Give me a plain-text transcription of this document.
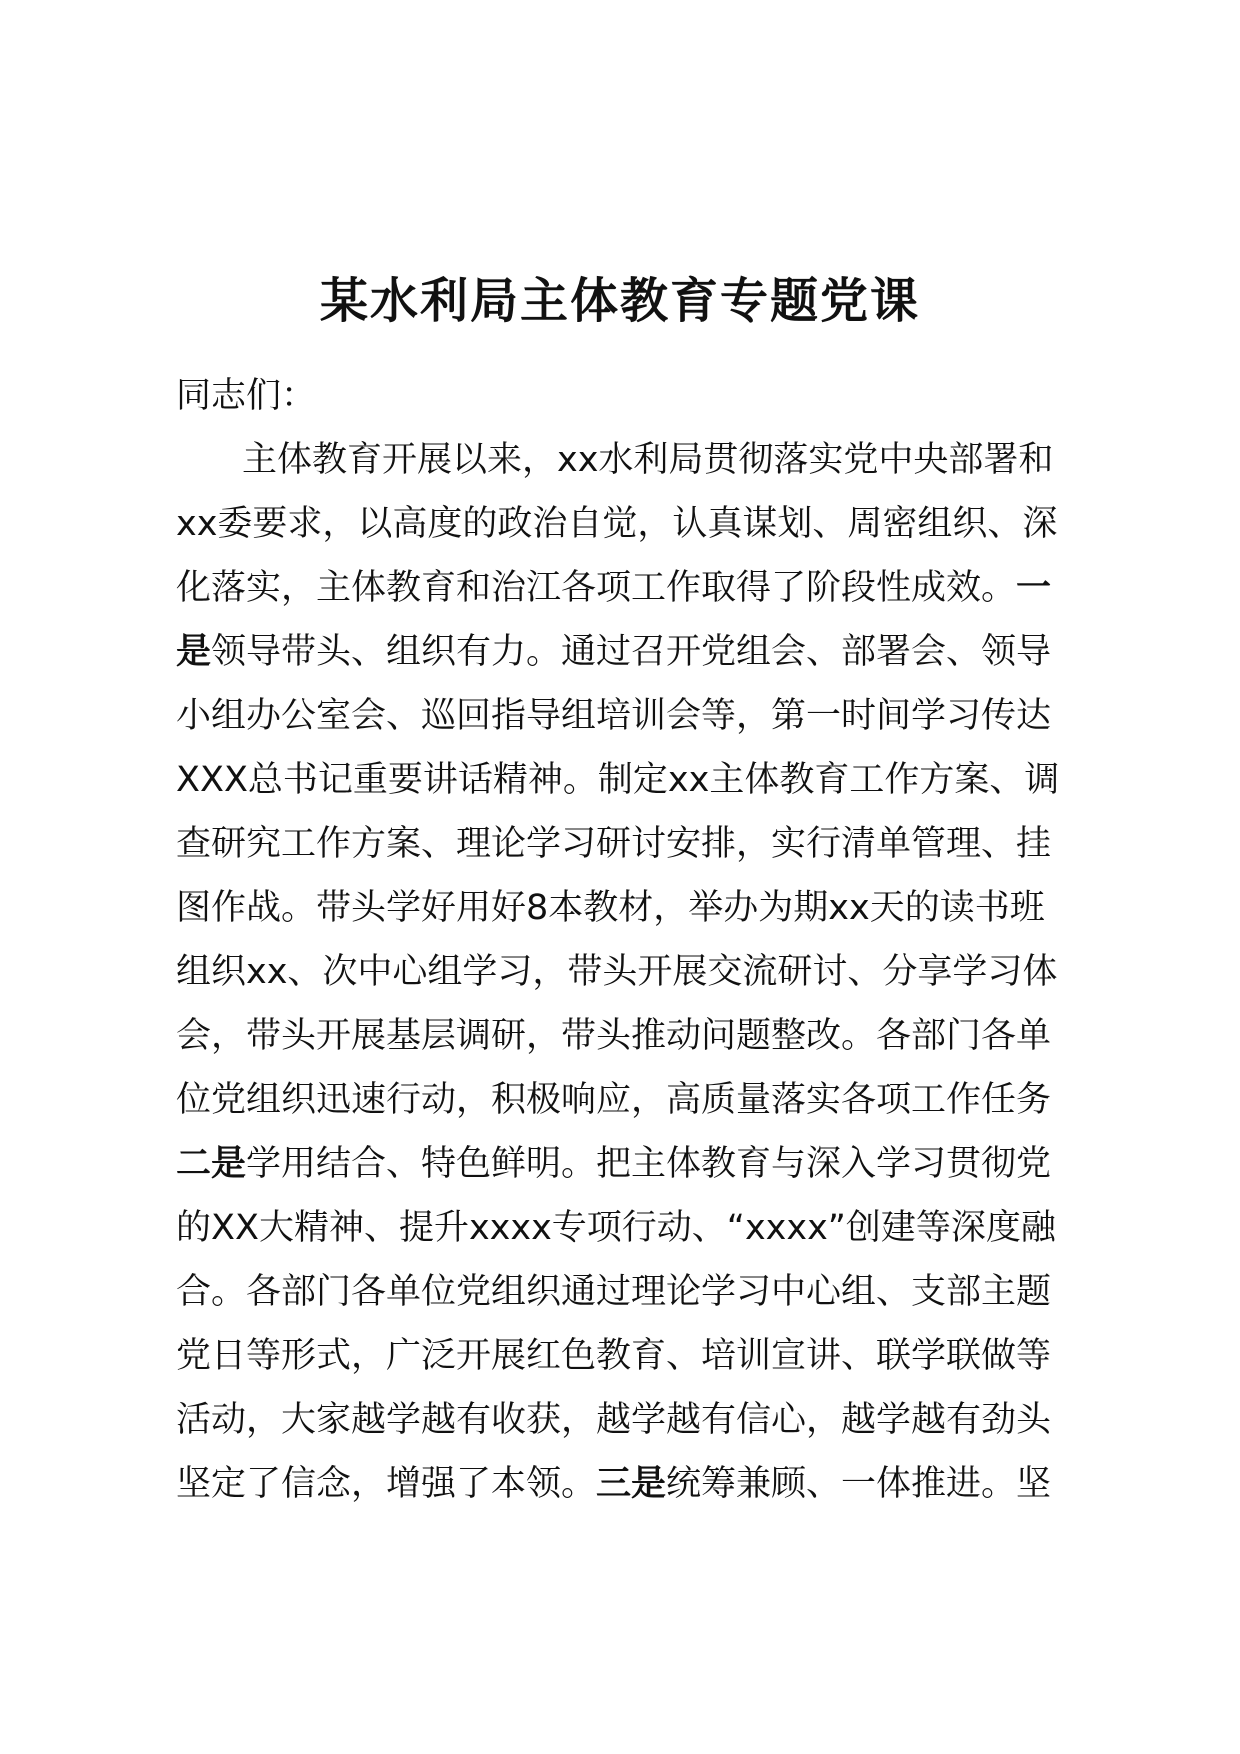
某水利局主体教育专题党课

同志们：

主体教育开展以来，xx水利局贯彻落实党中央部署和
xx委要求，以高度的政治自觉，认真谋划、周密组织、深
化落实，主体教育和治江各项工作取得了阶段性成效。一
是领导带头、组织有力。通过召开党组会、部署会、领导
小组办公室会、巡回指导组培训会等，第一时间学习传达
XXX总书记重要讲话精神。制定xx主体教育工作方案、调
查研究工作方案、理论学习研讨安排，实行清单管理、挂
图作战。带头学好用好8本教材，举办为期xx天的读书班
组织xx、次中心组学习，带头开展交流研讨、分享学习体
会，带头开展基层调研，带头推动问题整改。各部门各单
位党组织迅速行动，积极响应，高质量落实各项工作任务
二是学用结合、特色鲜明。把主体教育与深入学习贯彻党
的XX大精神、提升xxxx专项行动、“xxxx”创建等深度融
合。各部门各单位党组织通过理论学习中心组、支部主题
党日等形式，广泛开展红色教育、培训宣讲、联学联做等
活动，大家越学越有收获，越学越有信心，越学越有劲头
坚定了信念，增强了本领。三是统筹兼顾、一体推进。坚
